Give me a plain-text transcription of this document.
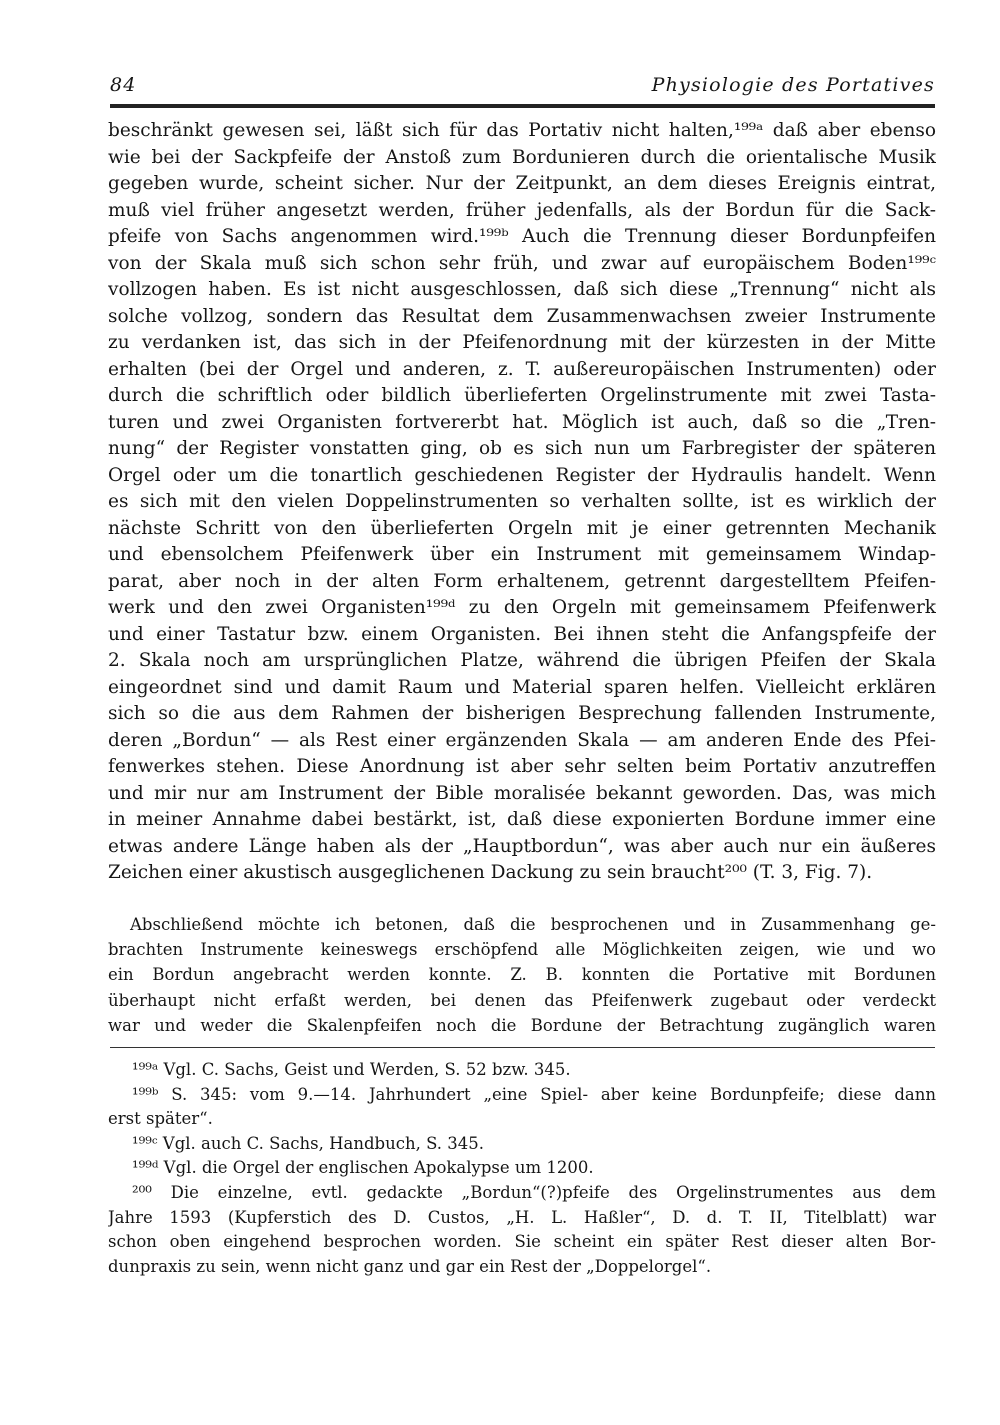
84	Physiologie des Portatives
beschränkt gewesen sei, läßt sich für das Portativ nicht halten,¹⁹⁹ᵃ daß aber ebenso
wie bei der Sackpfeife der Anstoß zum Bordunieren durch die orientalische Musik
gegeben wurde, scheint sicher. Nur der Zeitpunkt, an dem dieses Ereignis eintrat,
muß viel früher angesetzt werden, früher jedenfalls, als der Bordun für die Sack-
pfeife von Sachs angenommen wird.¹⁹⁹ᵇ Auch die Trennung dieser Bordunpfeifen
von der Skala muß sich schon sehr früh, und zwar auf europäischem Boden¹⁹⁹ᶜ
vollzogen haben. Es ist nicht ausgeschlossen, daß sich diese „Trennung“ nicht als
solche vollzog, sondern das Resultat dem Zusammenwachsen zweier Instrumente
zu verdanken ist, das sich in der Pfeifenordnung mit der kürzesten in der Mitte
erhalten (bei der Orgel und anderen, z. T. außereuropäischen Instrumenten) oder
durch die schriftlich oder bildlich überlieferten Orgelinstrumente mit zwei Tasta-
turen und zwei Organisten fortvererbt hat. Möglich ist auch, daß so die „Tren-
nung“ der Register vonstatten ging, ob es sich nun um Farbregister der späteren
Orgel oder um die tonartlich geschiedenen Register der Hydraulis handelt. Wenn
es sich mit den vielen Doppelinstrumenten so verhalten sollte, ist es wirklich der
nächste Schritt von den überlieferten Orgeln mit je einer getrennten Mechanik
und ebensolchem Pfeifenwerk über ein Instrument mit gemeinsamem Windap-
parat, aber noch in der alten Form erhaltenem, getrennt dargestelltem Pfeifen-
werk und den zwei Organisten¹⁹⁹ᵈ zu den Orgeln mit gemeinsamem Pfeifenwerk
und einer Tastatur bzw. einem Organisten. Bei ihnen steht die Anfangspfeife der
2. Skala noch am ursprünglichen Platze, während die übrigen Pfeifen der Skala
eingeordnet sind und damit Raum und Material sparen helfen. Vielleicht erklären
sich so die aus dem Rahmen der bisherigen Besprechung fallenden Instrumente,
deren „Bordun“ — als Rest einer ergänzenden Skala — am anderen Ende des Pfei-
fenwerkes stehen. Diese Anordnung ist aber sehr selten beim Portativ anzutreffen
und mir nur am Instrument der Bible moralisée bekannt geworden. Das, was mich
in meiner Annahme dabei bestärkt, ist, daß diese exponierten Bordune immer eine
etwas andere Länge haben als der „Hauptbordun“, was aber auch nur ein äußeres
Zeichen einer akustisch ausgeglichenen Dackung zu sein braucht²⁰⁰ (T. 3, Fig. 7).
Abschließend möchte ich betonen, daß die besprochenen und in Zusammenhang ge-
brachten Instrumente keineswegs erschöpfend alle Möglichkeiten zeigen, wie und wo
ein Bordun angebracht werden konnte. Z. B. konnten die Portative mit Bordunen
überhaupt nicht erfaßt werden, bei denen das Pfeifenwerk zugebaut oder verdeckt
war und weder die Skalenpfeifen noch die Bordune der Betrachtung zugänglich waren
¹⁹⁹ᵃ Vgl. C. Sachs, Geist und Werden, S. 52 bzw. 345.
¹⁹⁹ᵇ S. 345: vom 9.—14. Jahrhundert „eine Spiel- aber keine Bordunpfeife; diese dann
erst später“.
¹⁹⁹ᶜ Vgl. auch C. Sachs, Handbuch, S. 345.
¹⁹⁹ᵈ Vgl. die Orgel der englischen Apokalypse um 1200.
²⁰⁰ Die einzelne, evtl. gedackte „Bordun“(?)pfeife des Orgelinstrumentes aus dem
Jahre 1593 (Kupferstich des D. Custos, „H. L. Haßler“, D. d. T. II, Titelblatt) war
schon oben eingehend besprochen worden. Sie scheint ein später Rest dieser alten Bor-
dunpraxis zu sein, wenn nicht ganz und gar ein Rest der „Doppelorgel“.
